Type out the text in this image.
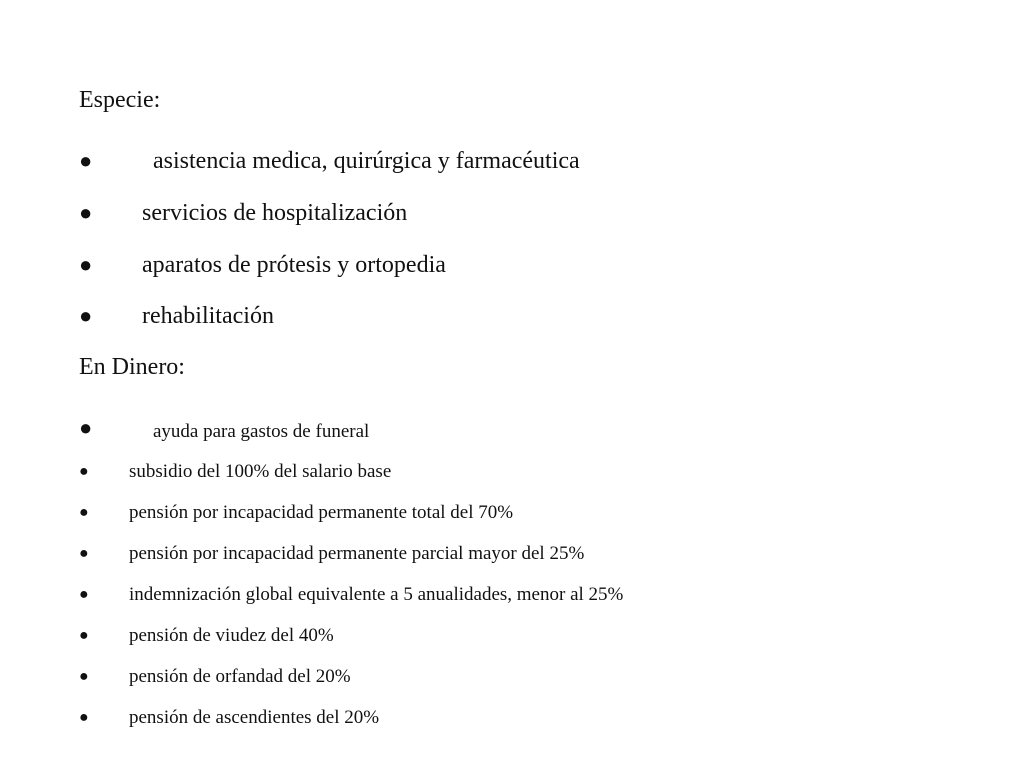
Especie:
●	asistencia medica, quirúrgica y farmacéutica
● servicios de hospitalización
● aparatos de prótesis y ortopedia
● rehabilitación
En Dinero:
●	ayuda para gastos de funeral
● subsidio del 100% del salario base
● pensión por incapacidad permanente total del 70%
● pensión por incapacidad permanente parcial mayor del 25%
● indemnización global equivalente a 5 anualidades, menor al 25%
● pensión de viudez del 40%
● pensión de orfandad del 20%
● pensión de ascendientes del 20%
